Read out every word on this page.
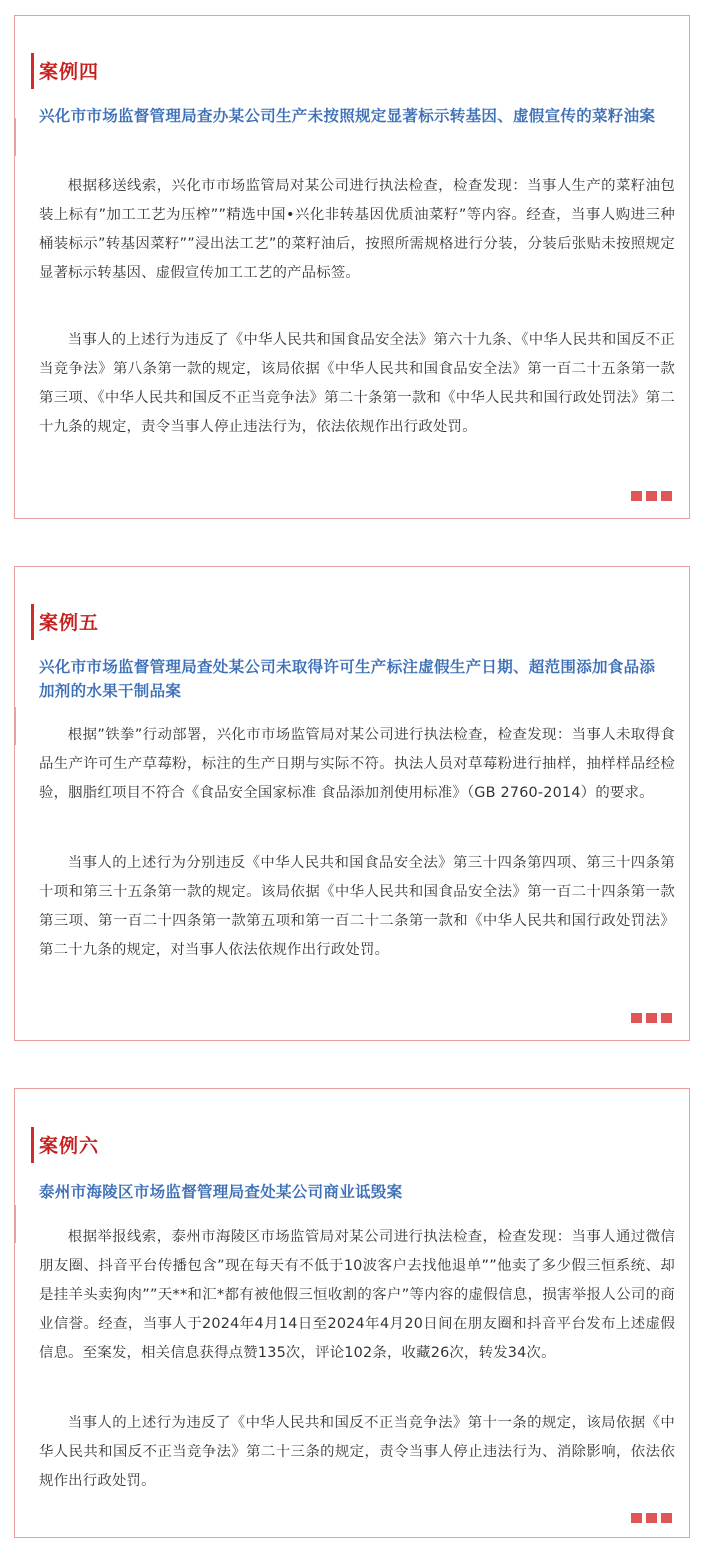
案例四
兴化市市场监督管理局查办某公司生产未按照规定显著标示转基因、虚假宣传的菜籽油案
根据移送线索，兴化市市场监管局对某公司进行执法检查，检查发现：当事人生产的菜籽油包装上标有”加工工艺为压榨””精选中国•兴化非转基因优质油菜籽”等内容。经查，当事人购进三种桶装标示”转基因菜籽””浸出法工艺”的菜籽油后，按照所需规格进行分装，分装后张贴未按照规定显著标示转基因、虚假宣传加工工艺的产品标签。
当事人的上述行为违反了《中华人民共和国食品安全法》第六十九条、《中华人民共和国反不正当竞争法》第八条第一款的规定，该局依据《中华人民共和国食品安全法》第一百二十五条第一款第三项、《中华人民共和国反不正当竞争法》第二十条第一款和《中华人民共和国行政处罚法》第二十九条的规定，责令当事人停止违法行为，依法依规作出行政处罚。
案例五
兴化市市场监督管理局查处某公司未取得许可生产标注虚假生产日期、超范围添加食品添加剂的水果干制品案
根据”铁拳”行动部署，兴化市市场监管局对某公司进行执法检查，检查发现：当事人未取得食品生产许可生产草莓粉，标注的生产日期与实际不符。执法人员对草莓粉进行抽样，抽样样品经检验，胭脂红项目不符合《食品安全国家标准 食品添加剂使用标准》（GB 2760-2014）的要求。
当事人的上述行为分别违反《中华人民共和国食品安全法》第三十四条第四项、第三十四条第十项和第三十五条第一款的规定。该局依据《中华人民共和国食品安全法》第一百二十四条第一款第三项、第一百二十四条第一款第五项和第一百二十二条第一款和《中华人民共和国行政处罚法》第二十九条的规定，对当事人依法依规作出行政处罚。
案例六
泰州市海陵区市场监督管理局查处某公司商业诋毁案
根据举报线索，泰州市海陵区市场监管局对某公司进行执法检查，检查发现：当事人通过微信朋友圈、抖音平台传播包含”现在每天有不低于10波客户去找他退单””他卖了多少假三恒系统、却是挂羊头卖狗肉””天**和汇*都有被他假三恒收割的客户”等内容的虚假信息，损害举报人公司的商业信誉。经查，当事人于2024年4月14日至2024年4月20日间在朋友圈和抖音平台发布上述虚假信息。至案发，相关信息获得点赞135次，评论102条，收藏26次，转发34次。
当事人的上述行为违反了《中华人民共和国反不正当竞争法》第十一条的规定，该局依据《中华人民共和国反不正当竞争法》第二十三条的规定，责令当事人停止违法行为、消除影响，依法依规作出行政处罚。
